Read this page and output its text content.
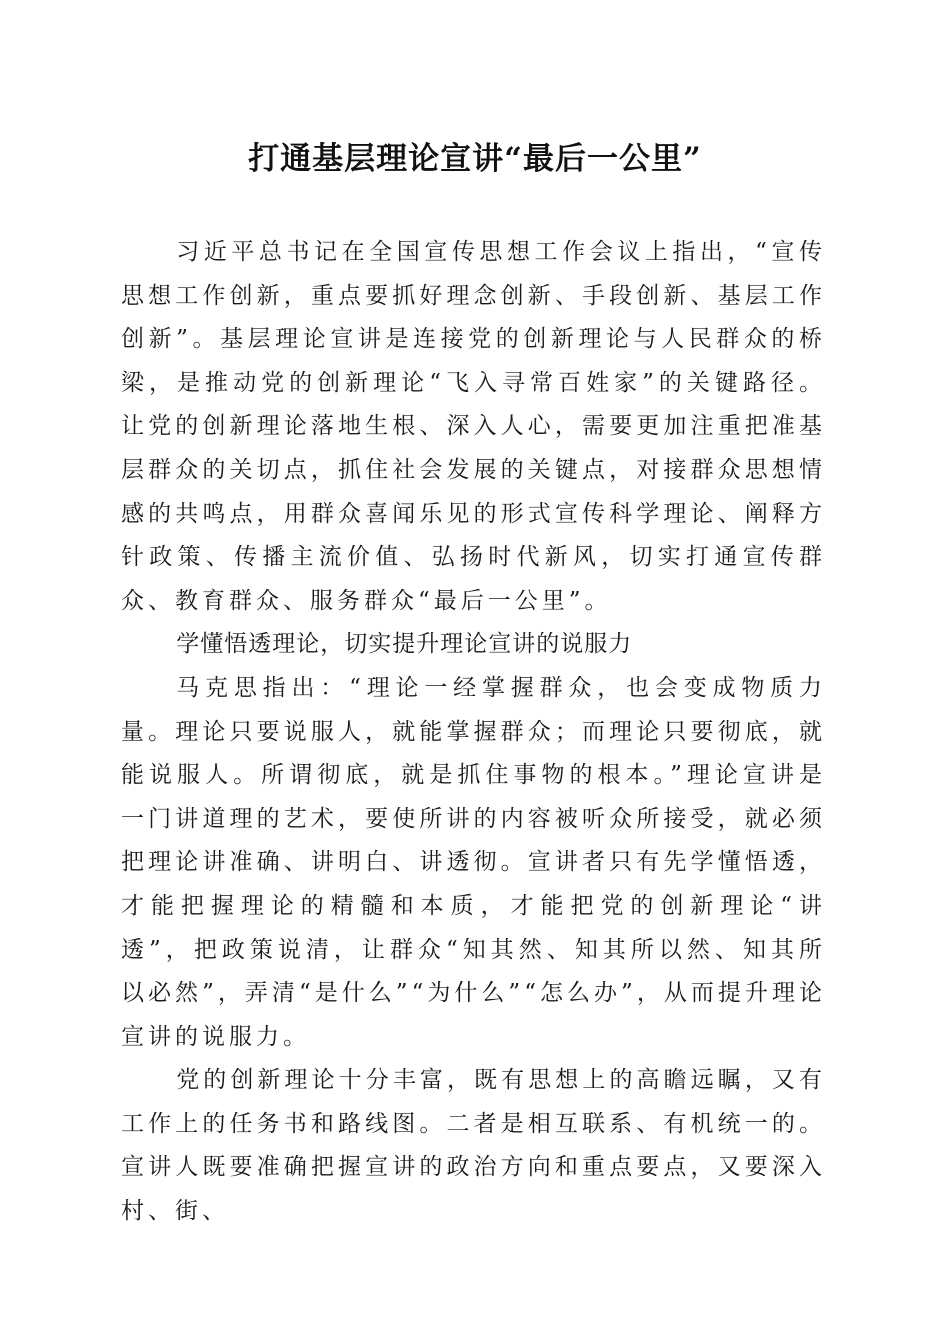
打通基层理论宣讲“最后一公里”

习近平总书记在全国宣传思想工作会议上指出，“宣传思想工作创新，重点要抓好理念创新、手段创新、基层工作创新”。基层理论宣讲是连接党的创新理论与人民群众的桥梁，是推动党的创新理论“飞入寻常百姓家”的关键路径。让党的创新理论落地生根、深入人心，需要更加注重把准基层群众的关切点，抓住社会发展的关键点，对接群众思想情感的共鸣点，用群众喜闻乐见的形式宣传科学理论、阐释方针政策、传播主流价值、弘扬时代新风，切实打通宣传群众、教育群众、服务群众“最后一公里”。

学懂悟透理论，切实提升理论宣讲的说服力

马克思指出：“理论一经掌握群众，也会变成物质力量。理论只要说服人，就能掌握群众；而理论只要彻底，就能说服人。所谓彻底，就是抓住事物的根本。”理论宣讲是一门讲道理的艺术，要使所讲的内容被听众所接受，就必须把理论讲准确、讲明白、讲透彻。宣讲者只有先学懂悟透，才能把握理论的精髓和本质，才能把党的创新理论“讲透”，把政策说清，让群众“知其然、知其所以然、知其所以必然”，弄清“是什么”“为什么”“怎么办”，从而提升理论宣讲的说服力。

党的创新理论十分丰富，既有思想上的高瞻远瞩，又有工作上的任务书和路线图。二者是相互联系、有机统一的。宣讲人既要准确把握宣讲的政治方向和重点要点，又要深入村、街、
